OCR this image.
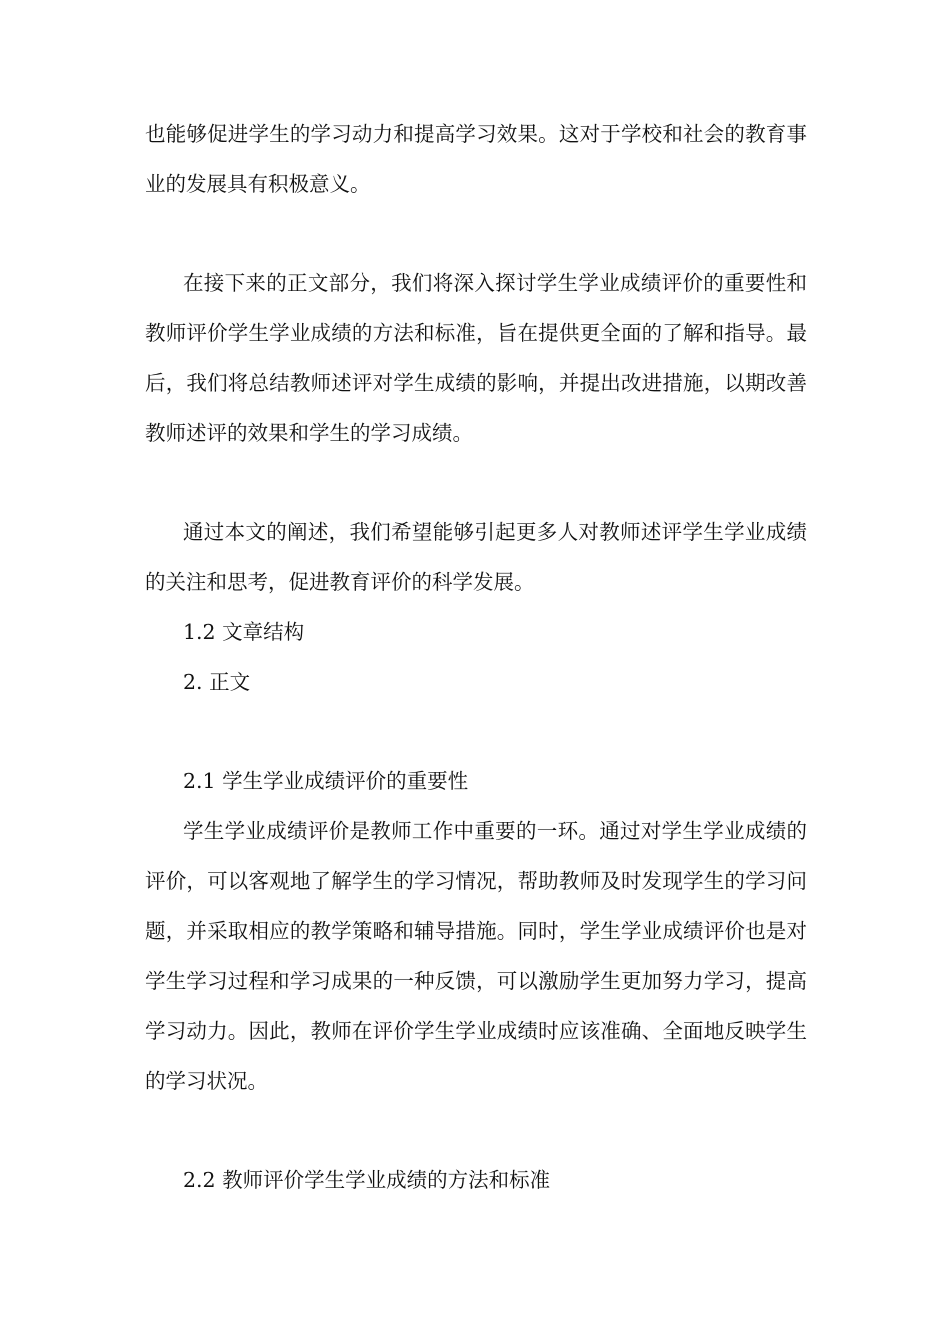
也能够促进学生的学习动力和提高学习效果。这对于学校和社会的教育事
业的发展具有积极意义。
在接下来的正文部分，我们将深入探讨学生学业成绩评价的重要性和
教师评价学生学业成绩的方法和标准，旨在提供更全面的了解和指导。最
后，我们将总结教师述评对学生成绩的影响，并提出改进措施，以期改善
教师述评的效果和学生的学习成绩。
通过本文的阐述，我们希望能够引起更多人对教师述评学生学业成绩
的关注和思考，促进教育评价的科学发展。
1.2 文章结构
2. 正文
2.1 学生学业成绩评价的重要性
学生学业成绩评价是教师工作中重要的一环。通过对学生学业成绩的
评价，可以客观地了解学生的学习情况，帮助教师及时发现学生的学习问
题，并采取相应的教学策略和辅导措施。同时，学生学业成绩评价也是对
学生学习过程和学习成果的一种反馈，可以激励学生更加努力学习，提高
学习动力。因此，教师在评价学生学业成绩时应该准确、全面地反映学生
的学习状况。
2.2 教师评价学生学业成绩的方法和标准
